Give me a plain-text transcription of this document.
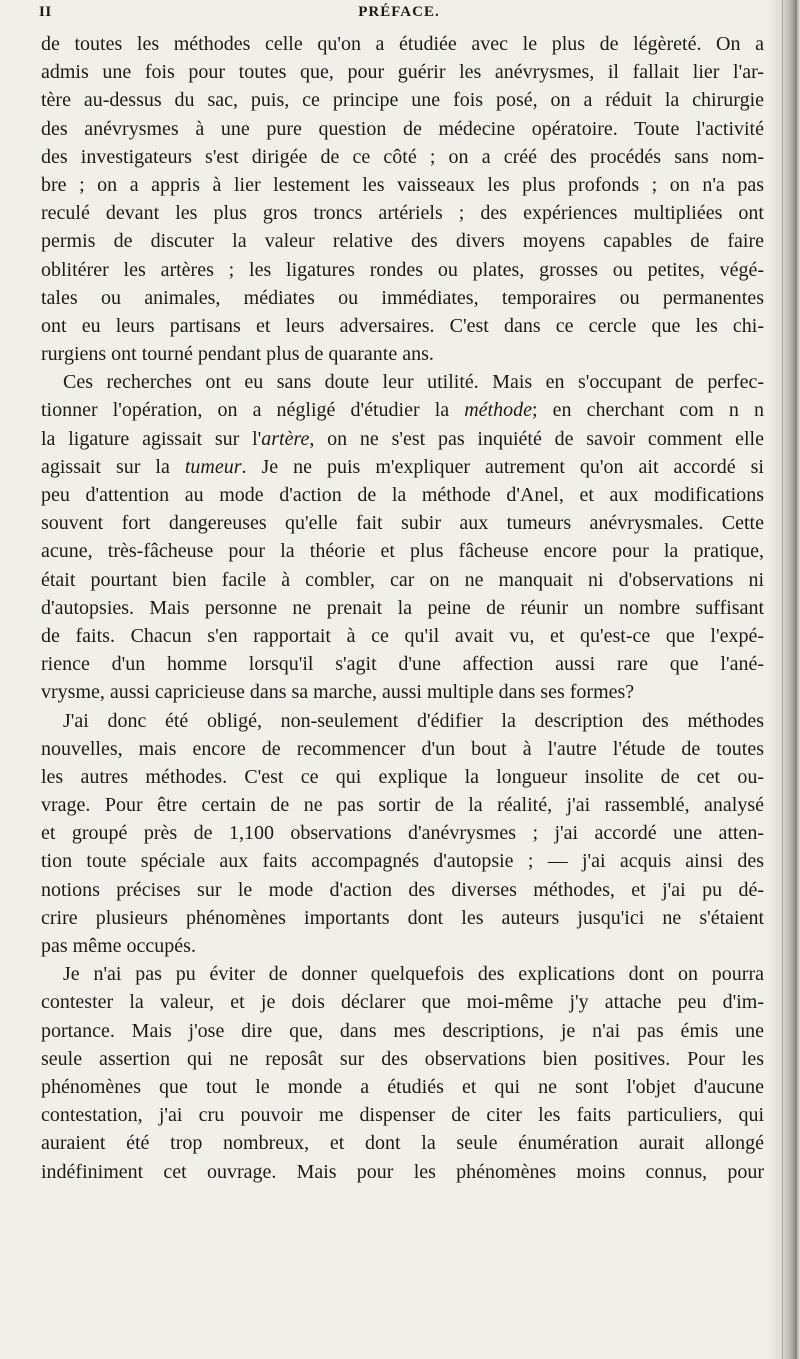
II	PRÉFACE.
de toutes les méthodes celle qu'on a étudiée avec le plus de légèreté. On a
admis une fois pour toutes que, pour guérir les anévrysmes, il fallait lier l'ar-
tère au-dessus du sac, puis, ce principe une fois posé, on a réduit la chirurgie
des anévrysmes à une pure question de médecine opératoire. Toute l'activité
des investigateurs s'est dirigée de ce côté ; on a créé des procédés sans nom-
bre ; on a appris à lier lestement les vaisseaux les plus profonds ; on n'a pas
reculé devant les plus gros troncs artériels ; des expériences multipliées ont
permis de discuter la valeur relative des divers moyens capables de faire
oblitérer les artères ; les ligatures rondes ou plates, grosses ou petites, végé-
tales ou animales, médiates ou immédiates, temporaires ou permanentes
ont eu leurs partisans et leurs adversaires. C'est dans ce cercle que les chi-
rurgiens ont tourné pendant plus de quarante ans.
Ces recherches ont eu sans doute leur utilité. Mais en s'occupant de perfec-
tionner l'opération, on a négligé d'étudier la méthode; en cherchant com n n
la ligature agissait sur l'artère, on ne s'est pas inquiété de savoir comment elle
agissait sur la tumeur. Je ne puis m'expliquer autrement qu'on ait accordé si
peu d'attention au mode d'action de la méthode d'Anel, et aux modifications
souvent fort dangereuses qu'elle fait subir aux tumeurs anévrysmales. Cette
acune, très-fâcheuse pour la théorie et plus fâcheuse encore pour la pratique,
était pourtant bien facile à combler, car on ne manquait ni d'observations ni
d'autopsies. Mais personne ne prenait la peine de réunir un nombre suffisant
de faits. Chacun s'en rapportait à ce qu'il avait vu, et qu'est-ce que l'expé-
rience d'un homme lorsqu'il s'agit d'une affection aussi rare que l'ané-
vrysme, aussi capricieuse dans sa marche, aussi multiple dans ses formes?
J'ai donc été obligé, non-seulement d'édifier la description des méthodes
nouvelles, mais encore de recommencer d'un bout à l'autre l'étude de toutes
les autres méthodes. C'est ce qui explique la longueur insolite de cet ou-
vrage. Pour être certain de ne pas sortir de la réalité, j'ai rassemblé, analysé
et groupé près de 1,100 observations d'anévrysmes ; j'ai accordé une atten-
tion toute spéciale aux faits accompagnés d'autopsie ; — j'ai acquis ainsi des
notions précises sur le mode d'action des diverses méthodes, et j'ai pu dé-
crire plusieurs phénomènes importants dont les auteurs jusqu'ici ne s'étaient
pas même occupés.
Je n'ai pas pu éviter de donner quelquefois des explications dont on pourra
contester la valeur, et je dois déclarer que moi-même j'y attache peu d'im-
portance. Mais j'ose dire que, dans mes descriptions, je n'ai pas émis une
seule assertion qui ne reposât sur des observations bien positives. Pour les
phénomènes que tout le monde a étudiés et qui ne sont l'objet d'aucune
contestation, j'ai cru pouvoir me dispenser de citer les faits particuliers, qui
auraient été trop nombreux, et dont la seule énumération aurait allongé
indéfiniment cet ouvrage. Mais pour les phénomènes moins connus, pour
